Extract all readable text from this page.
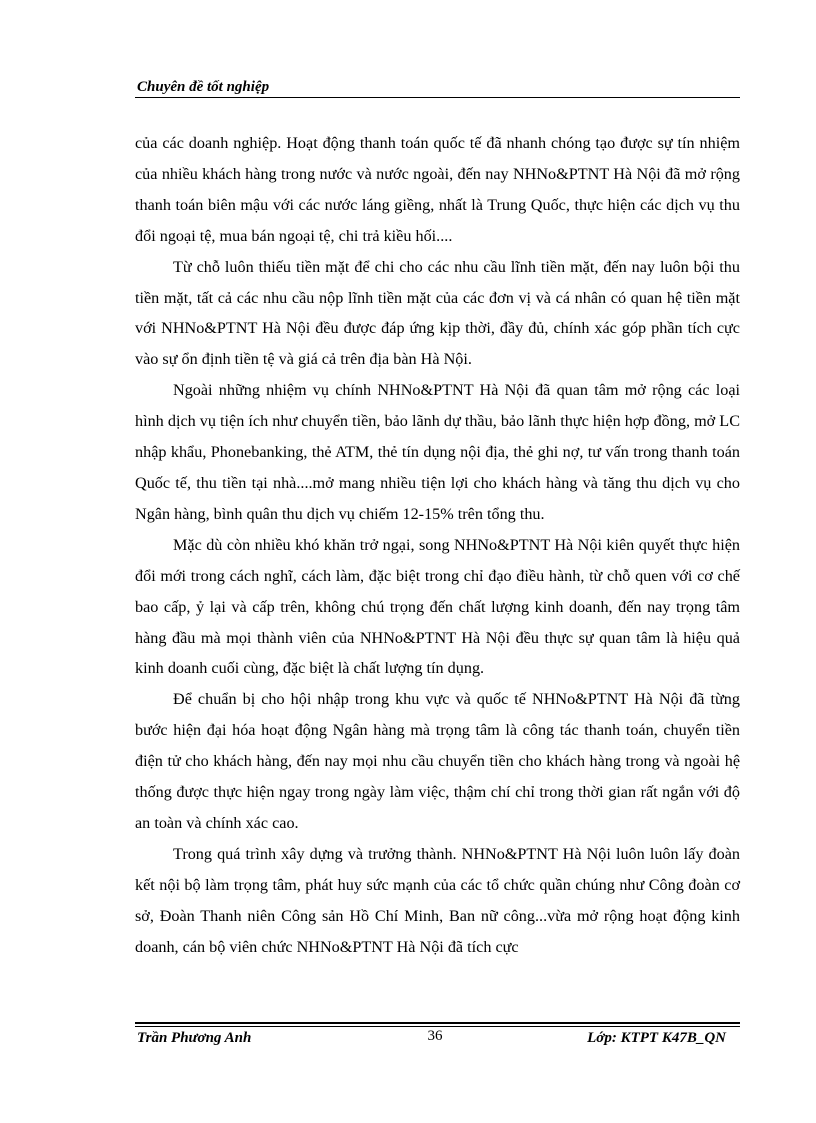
Chuyên đề tốt nghiệp

của các doanh nghiệp. Hoạt động thanh toán quốc tế đã nhanh chóng tạo được sự tín nhiệm của nhiều khách hàng trong nước và nước ngoài, đến nay NHNo&PTNT Hà Nội đã mở rộng thanh toán biên mậu với các nước láng giềng, nhất là Trung Quốc, thực hiện các dịch vụ thu đổi ngoại tệ, mua bán ngoại tệ, chi trả kiều hối....

Từ chỗ luôn thiếu tiền mặt để chi cho các nhu cầu lĩnh tiền mặt, đến nay luôn bội thu tiền mặt, tất cả các nhu cầu nộp lĩnh tiền mặt của các đơn vị và cá nhân có quan hệ tiền mặt với NHNo&PTNT Hà Nội đều được đáp ứng kịp thời, đầy đủ, chính xác góp phần tích cực vào sự ổn định tiền tệ và giá cả trên địa bàn Hà Nội.

Ngoài những nhiệm vụ chính NHNo&PTNT Hà Nội đã quan tâm mở rộng các loại hình dịch vụ tiện ích như chuyển tiền, bảo lãnh dự thầu, bảo lãnh thực hiện hợp đồng, mở LC nhập khẩu, Phonebanking, thẻ ATM, thẻ tín dụng nội địa, thẻ ghi nợ, tư vấn trong thanh toán Quốc tế, thu tiền tại nhà....mở mang nhiều tiện lợi cho khách hàng và tăng thu dịch vụ cho Ngân hàng, bình quân thu dịch vụ chiếm 12-15% trên tổng thu.

Mặc dù còn nhiều khó khăn trở ngại, song NHNo&PTNT Hà Nội kiên quyết thực hiện đổi mới trong cách nghĩ, cách làm, đặc biệt trong chỉ đạo điều hành, từ chỗ quen với cơ chế bao cấp, ỷ lại và cấp trên, không chú trọng đến chất lượng kinh doanh, đến nay trọng tâm hàng đầu mà mọi thành viên của NHNo&PTNT Hà Nội đều thực sự quan tâm là hiệu quả kinh doanh cuối cùng, đặc biệt là chất lượng tín dụng.

Để chuẩn bị cho hội nhập trong khu vực và quốc tế NHNo&PTNT Hà Nội đã từng bước hiện đại hóa hoạt động Ngân hàng mà trọng tâm là công tác thanh toán, chuyển tiền điện tử cho khách hàng, đến nay mọi nhu cầu chuyển tiền cho khách hàng trong và ngoài hệ thống được thực hiện ngay trong ngày làm việc, thậm chí chỉ trong thời gian rất ngắn với độ an toàn và chính xác cao.

Trong quá trình xây dựng và trưởng thành. NHNo&PTNT Hà Nội luôn luôn lấy đoàn kết nội bộ làm trọng tâm, phát huy sức mạnh của các tổ chức quần chúng như Công đoàn cơ sở, Đoàn Thanh niên Công sản Hồ Chí Minh, Ban nữ công...vừa mở rộng hoạt động kinh doanh, cán bộ viên chức NHNo&PTNT Hà Nội đã tích cực

Trần Phương Anh	36	Lớp: KTPT K47B_QN
